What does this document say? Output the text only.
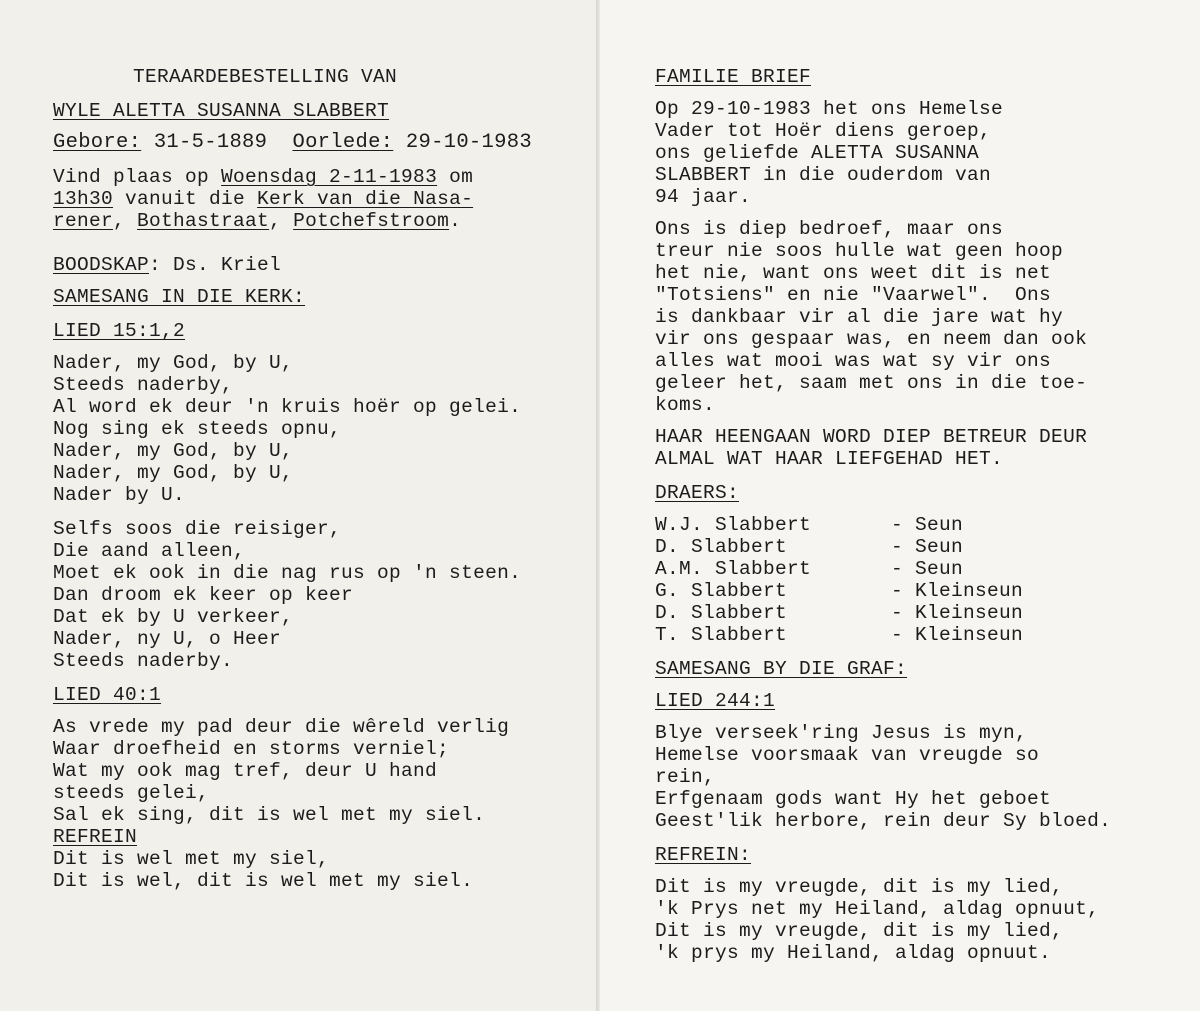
TERAARDEBESTELLING VAN
WYLE ALETTA SUSANNA SLABBERT
Gebore: 31-5-1889 Oorlede: 29-10-1983
Vind plaas op Woensdag 2-11-1983 om
13h30 vanuit die Kerk van die Nasa-
rener, Bothastraat, Potchefstroom.
BOODSKAP: Ds. Kriel
SAMESANG IN DIE KERK:
LIED 15:1,2
Nader, my God, by U,
Steeds naderby,
Al word ek deur 'n kruis hoër op gelei.
Nog sing ek steeds opnu,
Nader, my God, by U,
Nader, my God, by U,
Nader by U.
Selfs soos die reisiger,
Die aand alleen,
Moet ek ook in die nag rus op 'n steen.
Dan droom ek keer op keer
Dat ek by U verkeer,
Nader, ny U, o Heer
Steeds naderby.
LIED 40:1
As vrede my pad deur die wêreld verlig
Waar droefheid en storms verniel;
Wat my ook mag tref, deur U hand
steeds gelei,
Sal ek sing, dit is wel met my siel.
REFREIN
Dit is wel met my siel,
Dit is wel, dit is wel met my siel.
FAMILIE BRIEF
Op 29-10-1983 het ons Hemelse
Vader tot Hoër diens geroep,
ons geliefde ALETTA SUSANNA
SLABBERT in die ouderdom van
94 jaar.
Ons is diep bedroef, maar ons
treur nie soos hulle wat geen hoop
het nie, want ons weet dit is net
"Totsiens" en nie "Vaarwel".  Ons
is dankbaar vir al die jare wat hy
vir ons gespaar was, en neem dan ook
alles wat mooi was wat sy vir ons
geleer het, saam met ons in die toe-
koms.
HAAR HEENGAAN WORD DIEP BETREUR DEUR
ALMAL WAT HAAR LIEFGEHAD HET.
DRAERS:
W.J. Slabbert	- Seun
D. Slabbert	- Seun
A.M. Slabbert	- Seun
G. Slabbert	- Kleinseun
D. Slabbert	- Kleinseun
T. Slabbert	- Kleinseun
SAMESANG BY DIE GRAF:
LIED 244:1
Blye verseek'ring Jesus is myn,
Hemelse voorsmaak van vreugde so
rein,
Erfgenaam gods want Hy het geboet
Geest'lik herbore, rein deur Sy bloed.
REFREIN:
Dit is my vreugde, dit is my lied,
'k Prys net my Heiland, aldag opnuut,
Dit is my vreugde, dit is my lied,
'k prys my Heiland, aldag opnuut.
